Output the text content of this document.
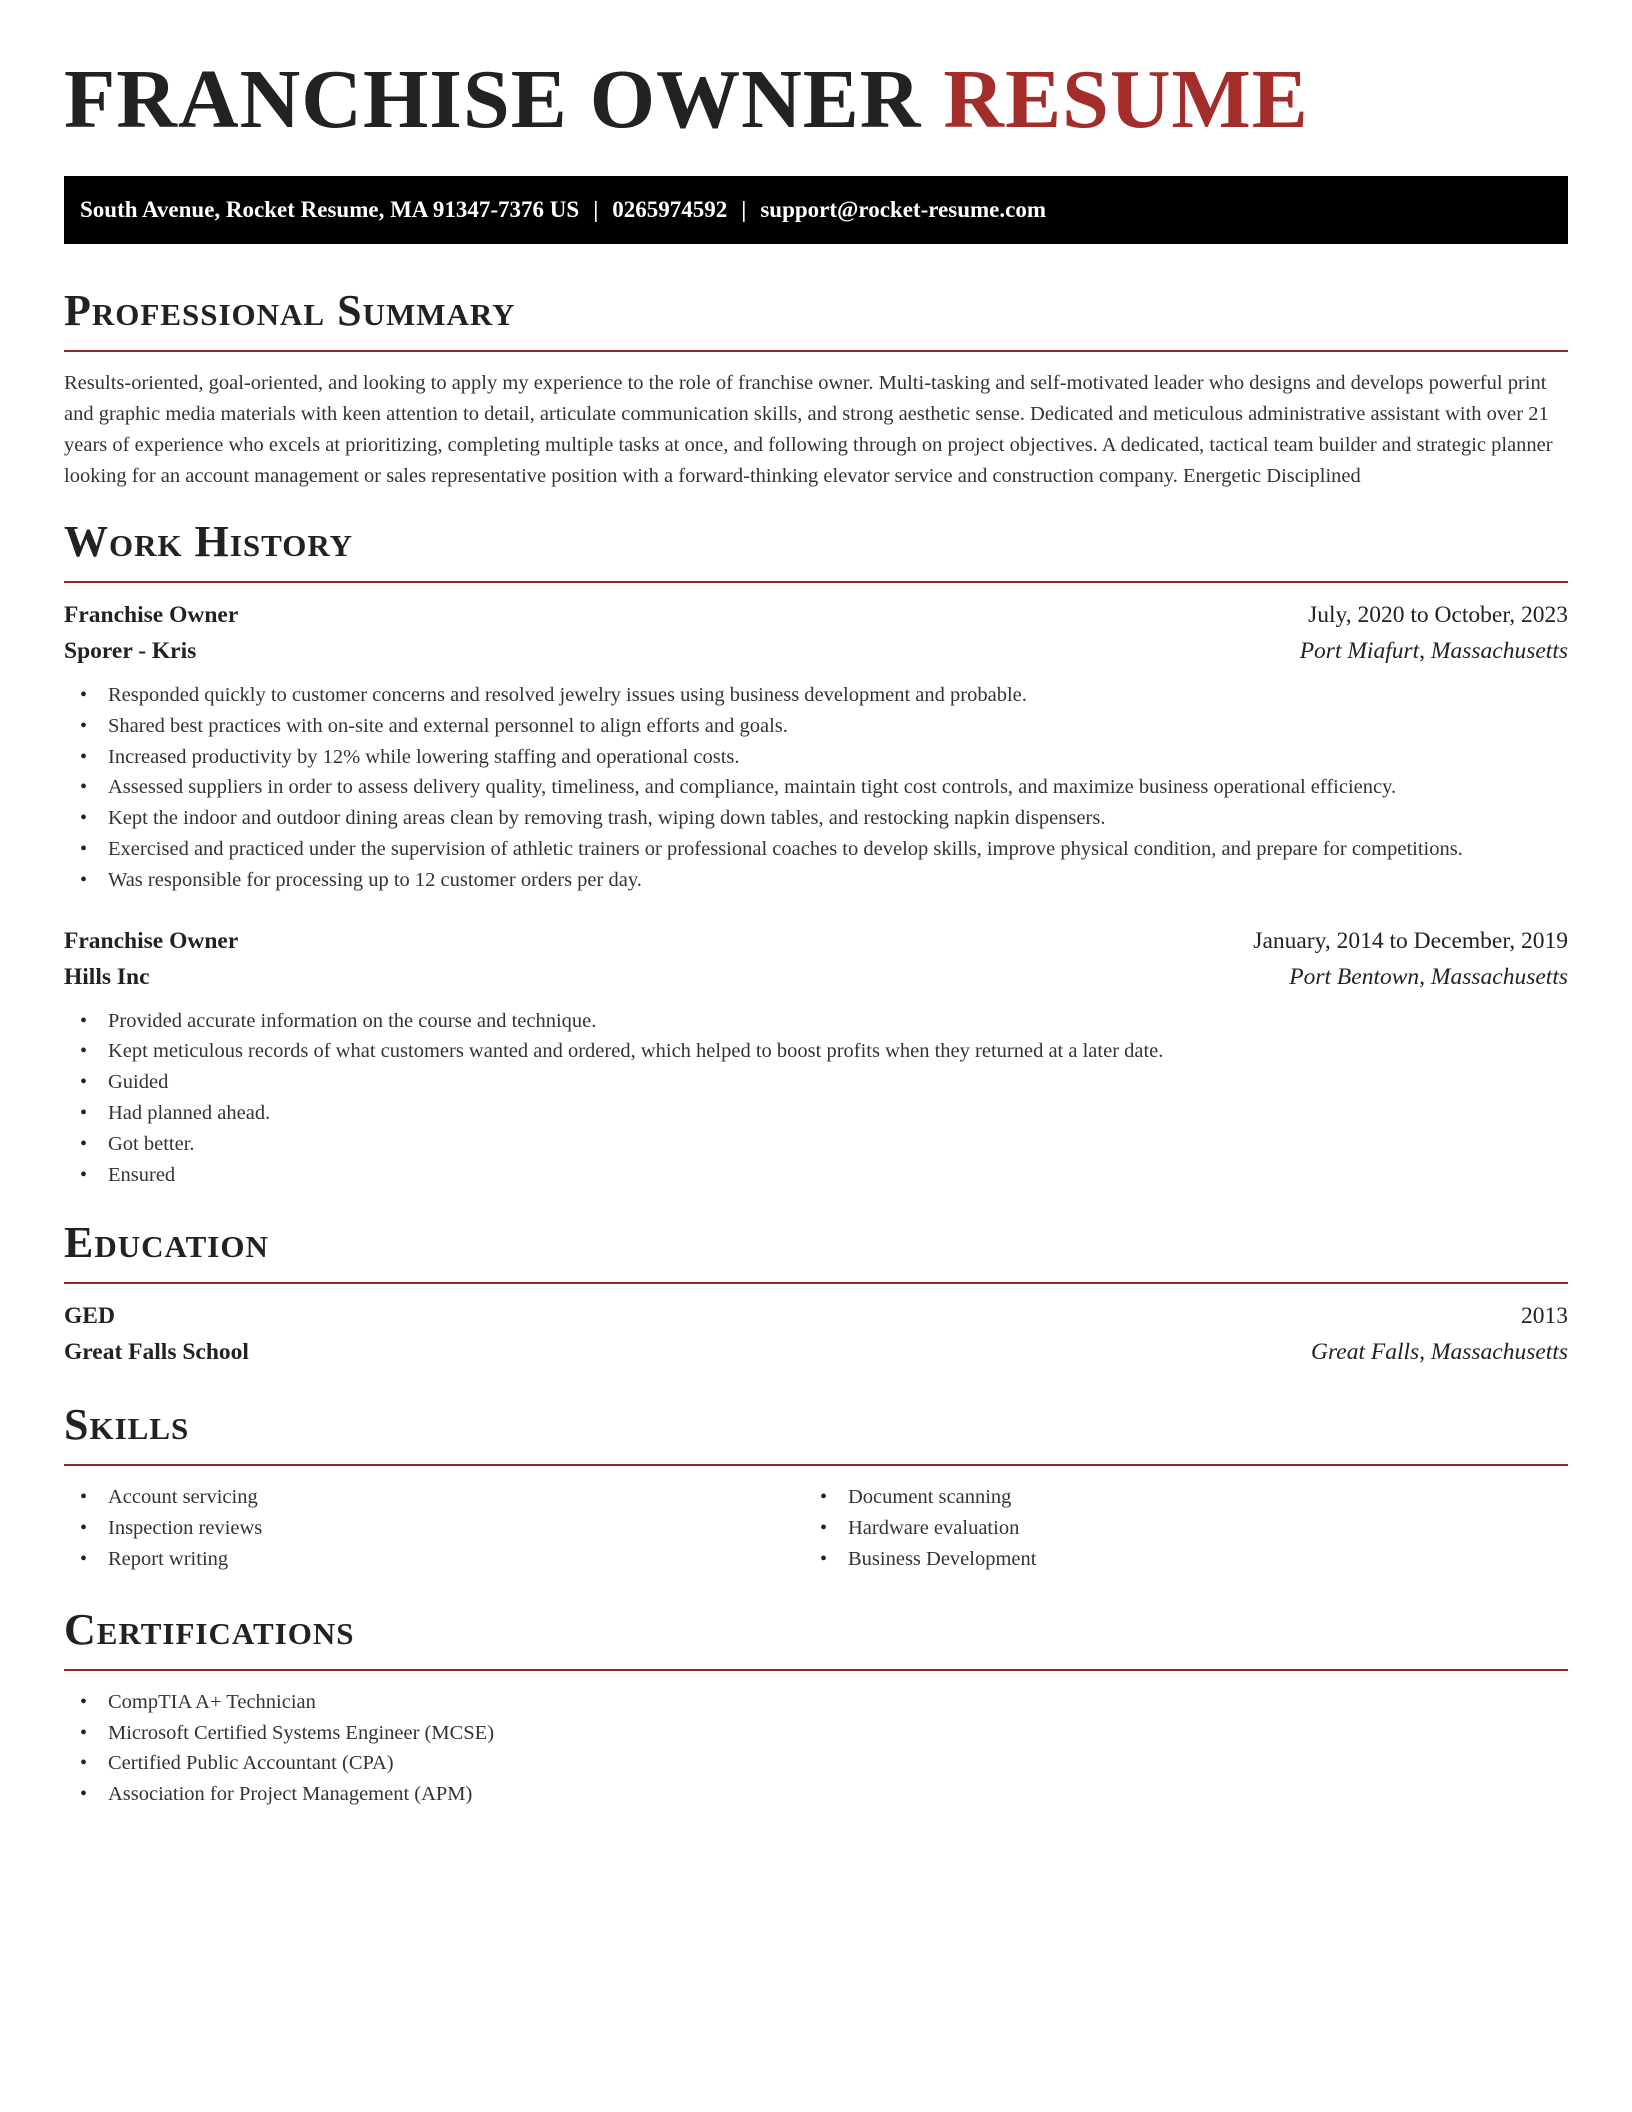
FRANCHISE OWNER RESUME
South Avenue, Rocket Resume, MA 91347-7376 US | 0265974592 | support@rocket-resume.com
Professional Summary
Results-oriented, goal-oriented, and looking to apply my experience to the role of franchise owner. Multi-tasking and self-motivated leader who designs and develops powerful print and graphic media materials with keen attention to detail, articulate communication skills, and strong aesthetic sense. Dedicated and meticulous administrative assistant with over 21 years of experience who excels at prioritizing, completing multiple tasks at once, and following through on project objectives. A dedicated, tactical team builder and strategic planner looking for an account management or sales representative position with a forward-thinking elevator service and construction company. Energetic Disciplined
Work History
Franchise Owner	July, 2020 to October, 2023
Sporer - Kris	Port Miafurt, Massachusetts
• Responded quickly to customer concerns and resolved jewelry issues using business development and probable.
• Shared best practices with on-site and external personnel to align efforts and goals.
• Increased productivity by 12% while lowering staffing and operational costs.
• Assessed suppliers in order to assess delivery quality, timeliness, and compliance, maintain tight cost controls, and maximize business operational efficiency.
• Kept the indoor and outdoor dining areas clean by removing trash, wiping down tables, and restocking napkin dispensers.
• Exercised and practiced under the supervision of athletic trainers or professional coaches to develop skills, improve physical condition, and prepare for competitions.
• Was responsible for processing up to 12 customer orders per day.
Franchise Owner	January, 2014 to December, 2019
Hills Inc	Port Bentown, Massachusetts
• Provided accurate information on the course and technique.
• Kept meticulous records of what customers wanted and ordered, which helped to boost profits when they returned at a later date.
• Guided
• Had planned ahead.
• Got better.
• Ensured
Education
GED	2013
Great Falls School	Great Falls, Massachusetts
Skills
• Account servicing
• Inspection reviews
• Report writing
• Document scanning
• Hardware evaluation
• Business Development
Certifications
• CompTIA A+ Technician
• Microsoft Certified Systems Engineer (MCSE)
• Certified Public Accountant (CPA)
• Association for Project Management (APM)
